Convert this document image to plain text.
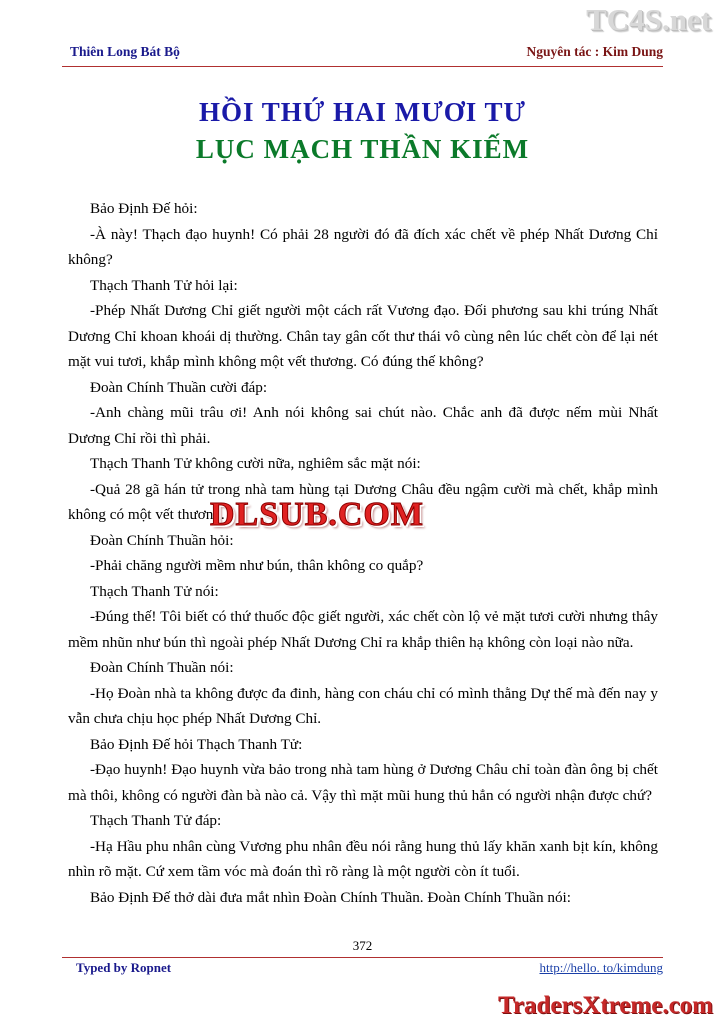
TC4S.net
Thiên Long Bát Bộ	Nguyên tác : Kim Dung
HỒI THỨ HAI MƯƠI TƯ
LỤC MẠCH THẦN KIẾM

Bảo Định Đế hỏi:

-À này! Thạch đạo huynh! Có phải 28 người đó đã đích xác chết về phép Nhất Dương Chỉ không?

Thạch Thanh Tử hỏi lại:

-Phép Nhất Dương Chỉ giết người một cách rất Vương đạo. Đối phương sau khi trúng Nhất Dương Chỉ khoan khoái dị thường. Chân tay gân cốt thư thái vô cùng nên lúc chết còn để lại nét mặt vui tươi, khắp mình không một vết thương. Có đúng thế không?

Đoàn Chính Thuần cười đáp:

-Anh chàng mũi trâu ơi! Anh nói không sai chút nào. Chắc anh đã được nếm mùi Nhất Dương Chỉ rồi thì phải.

Thạch Thanh Tử không cười nữa, nghiêm sắc mặt nói:

-Quả 28 gã hán tử trong nhà tam hùng tại Dương Châu đều ngậm cười mà chết, khắp mình không có một vết thương.

Đoàn Chính Thuần hỏi:

-Phải chăng người mềm như bún, thân không co quắp?

Thạch Thanh Tử nói:

-Đúng thế! Tôi biết có thứ thuốc độc giết người, xác chết còn lộ vẻ mặt tươi cười nhưng thây mềm nhũn như bún thì ngoài phép Nhất Dương Chỉ ra khắp thiên hạ không còn loại nào nữa.

Đoàn Chính Thuần nói:

-Họ Đoàn nhà ta không được đa đinh, hàng con cháu chỉ có mình thằng Dự thế mà đến nay y vẫn chưa chịu học phép Nhất Dương Chỉ.

Bảo Định Đế hỏi Thạch Thanh Tử:

-Đạo huynh! Đạo huynh vừa bảo trong nhà tam hùng ở Dương Châu chỉ toàn đàn ông bị chết mà thôi, không có người đàn bà nào cả. Vậy thì mặt mũi hung thủ hẳn có người nhận được chứ?

Thạch Thanh Tử đáp:

-Hạ Hầu phu nhân cùng Vương phu nhân đều nói rằng hung thủ lấy khăn xanh bịt kín, không nhìn rõ mặt. Cứ xem tầm vóc mà đoán thì rõ ràng là một người còn ít tuổi.

Bảo Định Đế thở dài đưa mắt nhìn Đoàn Chính Thuần. Đoàn Chính Thuần nói:

DLSUB.COM
372
Typed by Ropnet	http://hello. to/kimdung
TradersXtreme.com
